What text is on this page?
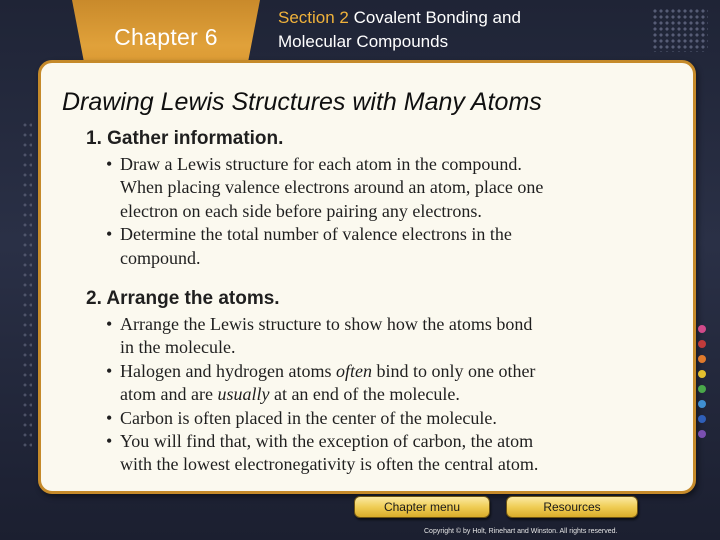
Chapter 6
Section 2 Covalent Bonding and
Molecular Compounds
Drawing Lewis Structures with Many Atoms

1. Gather information.

• Draw a Lewis structure for each atom in the compound.

When placing valence electrons around an atom, place one

electron on each side before pairing any electrons.

• Determine the total number of valence electrons in the

compound.

2. Arrange the atoms.

• Arrange the Lewis structure to show how the atoms bond

in the molecule.

• Halogen and hydrogen atoms often bind to only one other

atom and are usually at an end of the molecule.

• Carbon is often placed in the center of the molecule.

• You will find that, with the exception of carbon, the atom

with the lowest electronegativity is often the central atom.

Chapter menu	Resources
Copyright © by Holt, Rinehart and Winston. All rights reserved.
